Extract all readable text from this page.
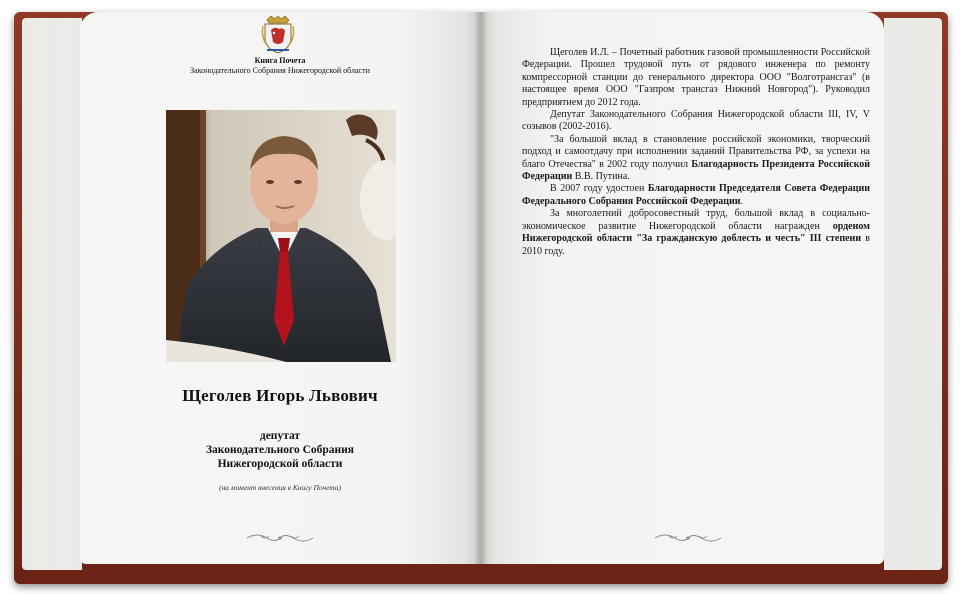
Книга Почета
Законодательного Собрания Нижегородской области
Щеголев Игорь Львович
депутат
Законодательного Собрания
Нижегородской области
(на момент внесения в Книгу Почета)

Щеголев И.Л. – Почетный работник газовой промышленности Российской Федерации. Прошел трудовой путь от рядового инженера по ремонту компрессорной станции до генерального директора ООО "Волготрансгаз" (в настоящее время ООО "Газпром трансгаз Нижний Новгород"). Руководил предприятием до 2012 года.

Депутат Законодательного Собрания Нижегородской области III, IV, V созывов (2002-2016).

"За большой вклад в становление российской экономики, творческий подход и самоотдачу при исполнении заданий Правительства РФ, за успехи на благо Отечества" в 2002 году получил Благодарность Президента Российской Федерации В.В. Путина.

В 2007 году удостоен Благодарности Председателя Совета Федерации Федерального Собрания Российской Федерации.

За многолетний добросовестный труд, большой вклад в социально-экономическое развитие Нижегородской области награжден орденом Нижегородской области "За гражданскую доблесть и честь" III степени в 2010 году.
